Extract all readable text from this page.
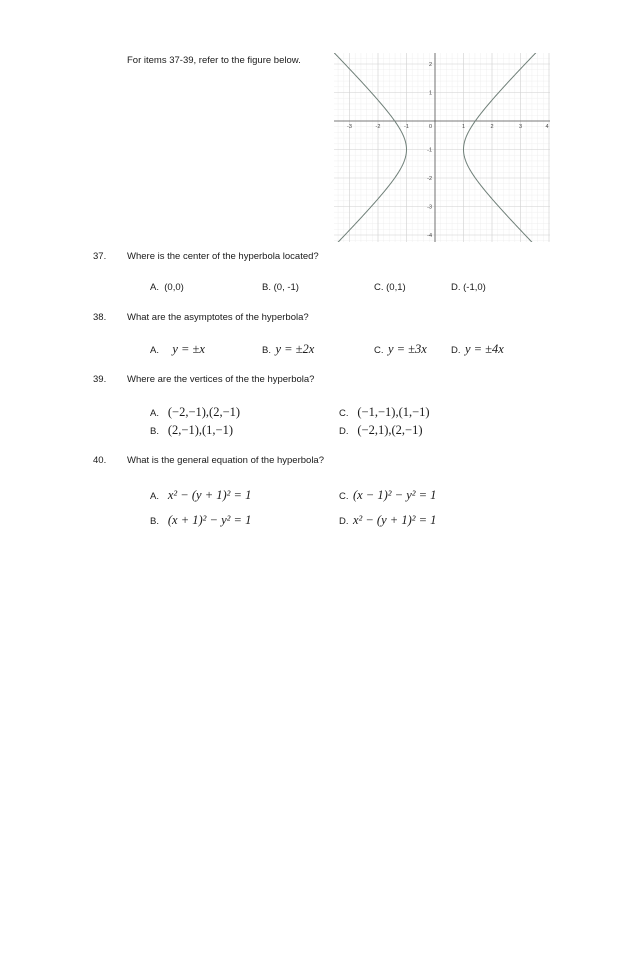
For items 37-39, refer to the figure below.
-3	-2	-1	0	1	2	3	4
2
1
-1
-2
-3
-4
37. Where is the center of the hyperbola located?
A. (0,0)	B. (0, -1)	C. (0,1)	D. (-1,0)
38. What are the asymptotes of the hyperbola?
A. y = ±x	B. y = ±2x	C. y = ±3x	D. y = ±4x
39. Where are the vertices of the the hyperbola?
A. (−2,−1),(2,−1)
B. (2,−1),(1,−1)
C. (−1,−1),(1,−1)
D. (−2,1),(2,−1)
40. What is the general equation of the hyperbola?
A. x² − (y + 1)² = 1
B. (x + 1)² − y² = 1
C. (x − 1)² − y² = 1
D. x² − (y + 1)² = 1
